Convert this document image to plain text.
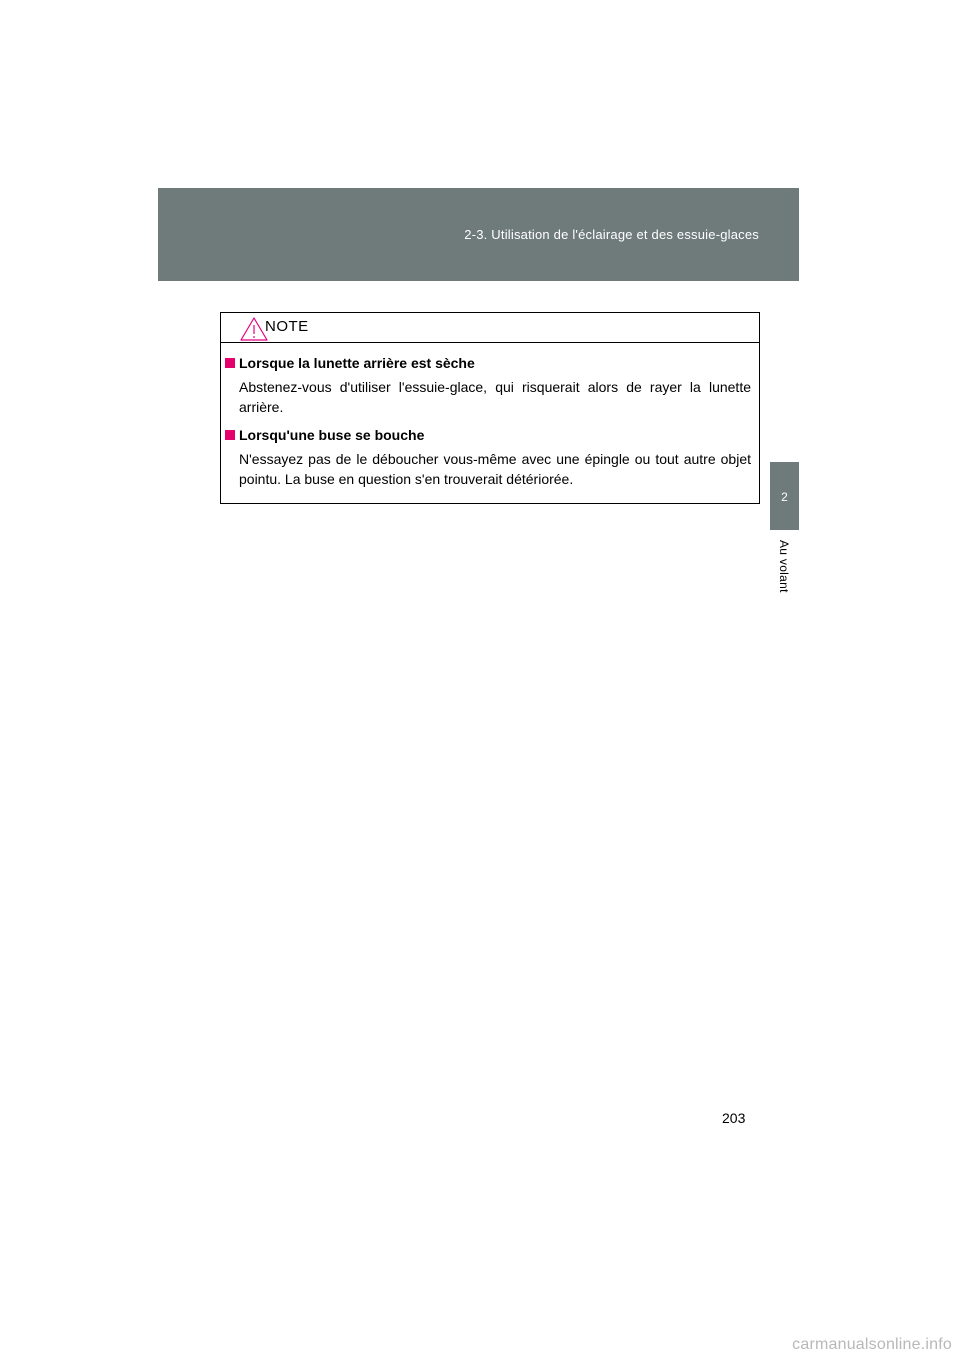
2-3. Utilisation de l'éclairage et des essuie-glaces
2
Au volant
NOTE
Lorsque la lunette arrière est sèche
Abstenez-vous d'utiliser l'essuie-glace, qui risquerait alors de rayer la lunette arrière.
Lorsqu'une buse se bouche
N'essayez pas de le déboucher vous-même avec une épingle ou tout autre objet pointu. La buse en question s'en trouverait détériorée.
203
carmanualsonline.info
